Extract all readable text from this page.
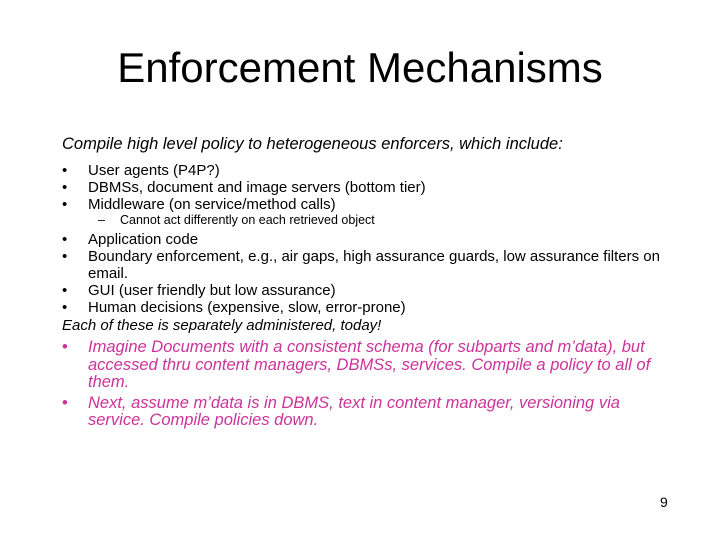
Enforcement Mechanisms
Compile high level policy to heterogeneous enforcers, which include:
• User agents (P4P?)
• DBMSs, document and image servers (bottom tier)
• Middleware (on service/method calls)
– Cannot act differently on each retrieved object
• Application code
• Boundary enforcement, e.g., air gaps, high assurance guards, low assurance filters on email.
• GUI (user friendly but low assurance)
• Human decisions (expensive, slow, error-prone)
Each of these is separately administered, today!
• Imagine Documents with a consistent schema (for subparts and m’data), but accessed thru content managers, DBMSs, services. Compile a policy to all of them.
• Next, assume m’data is in DBMS, text in content manager, versioning via service. Compile policies down.
9
